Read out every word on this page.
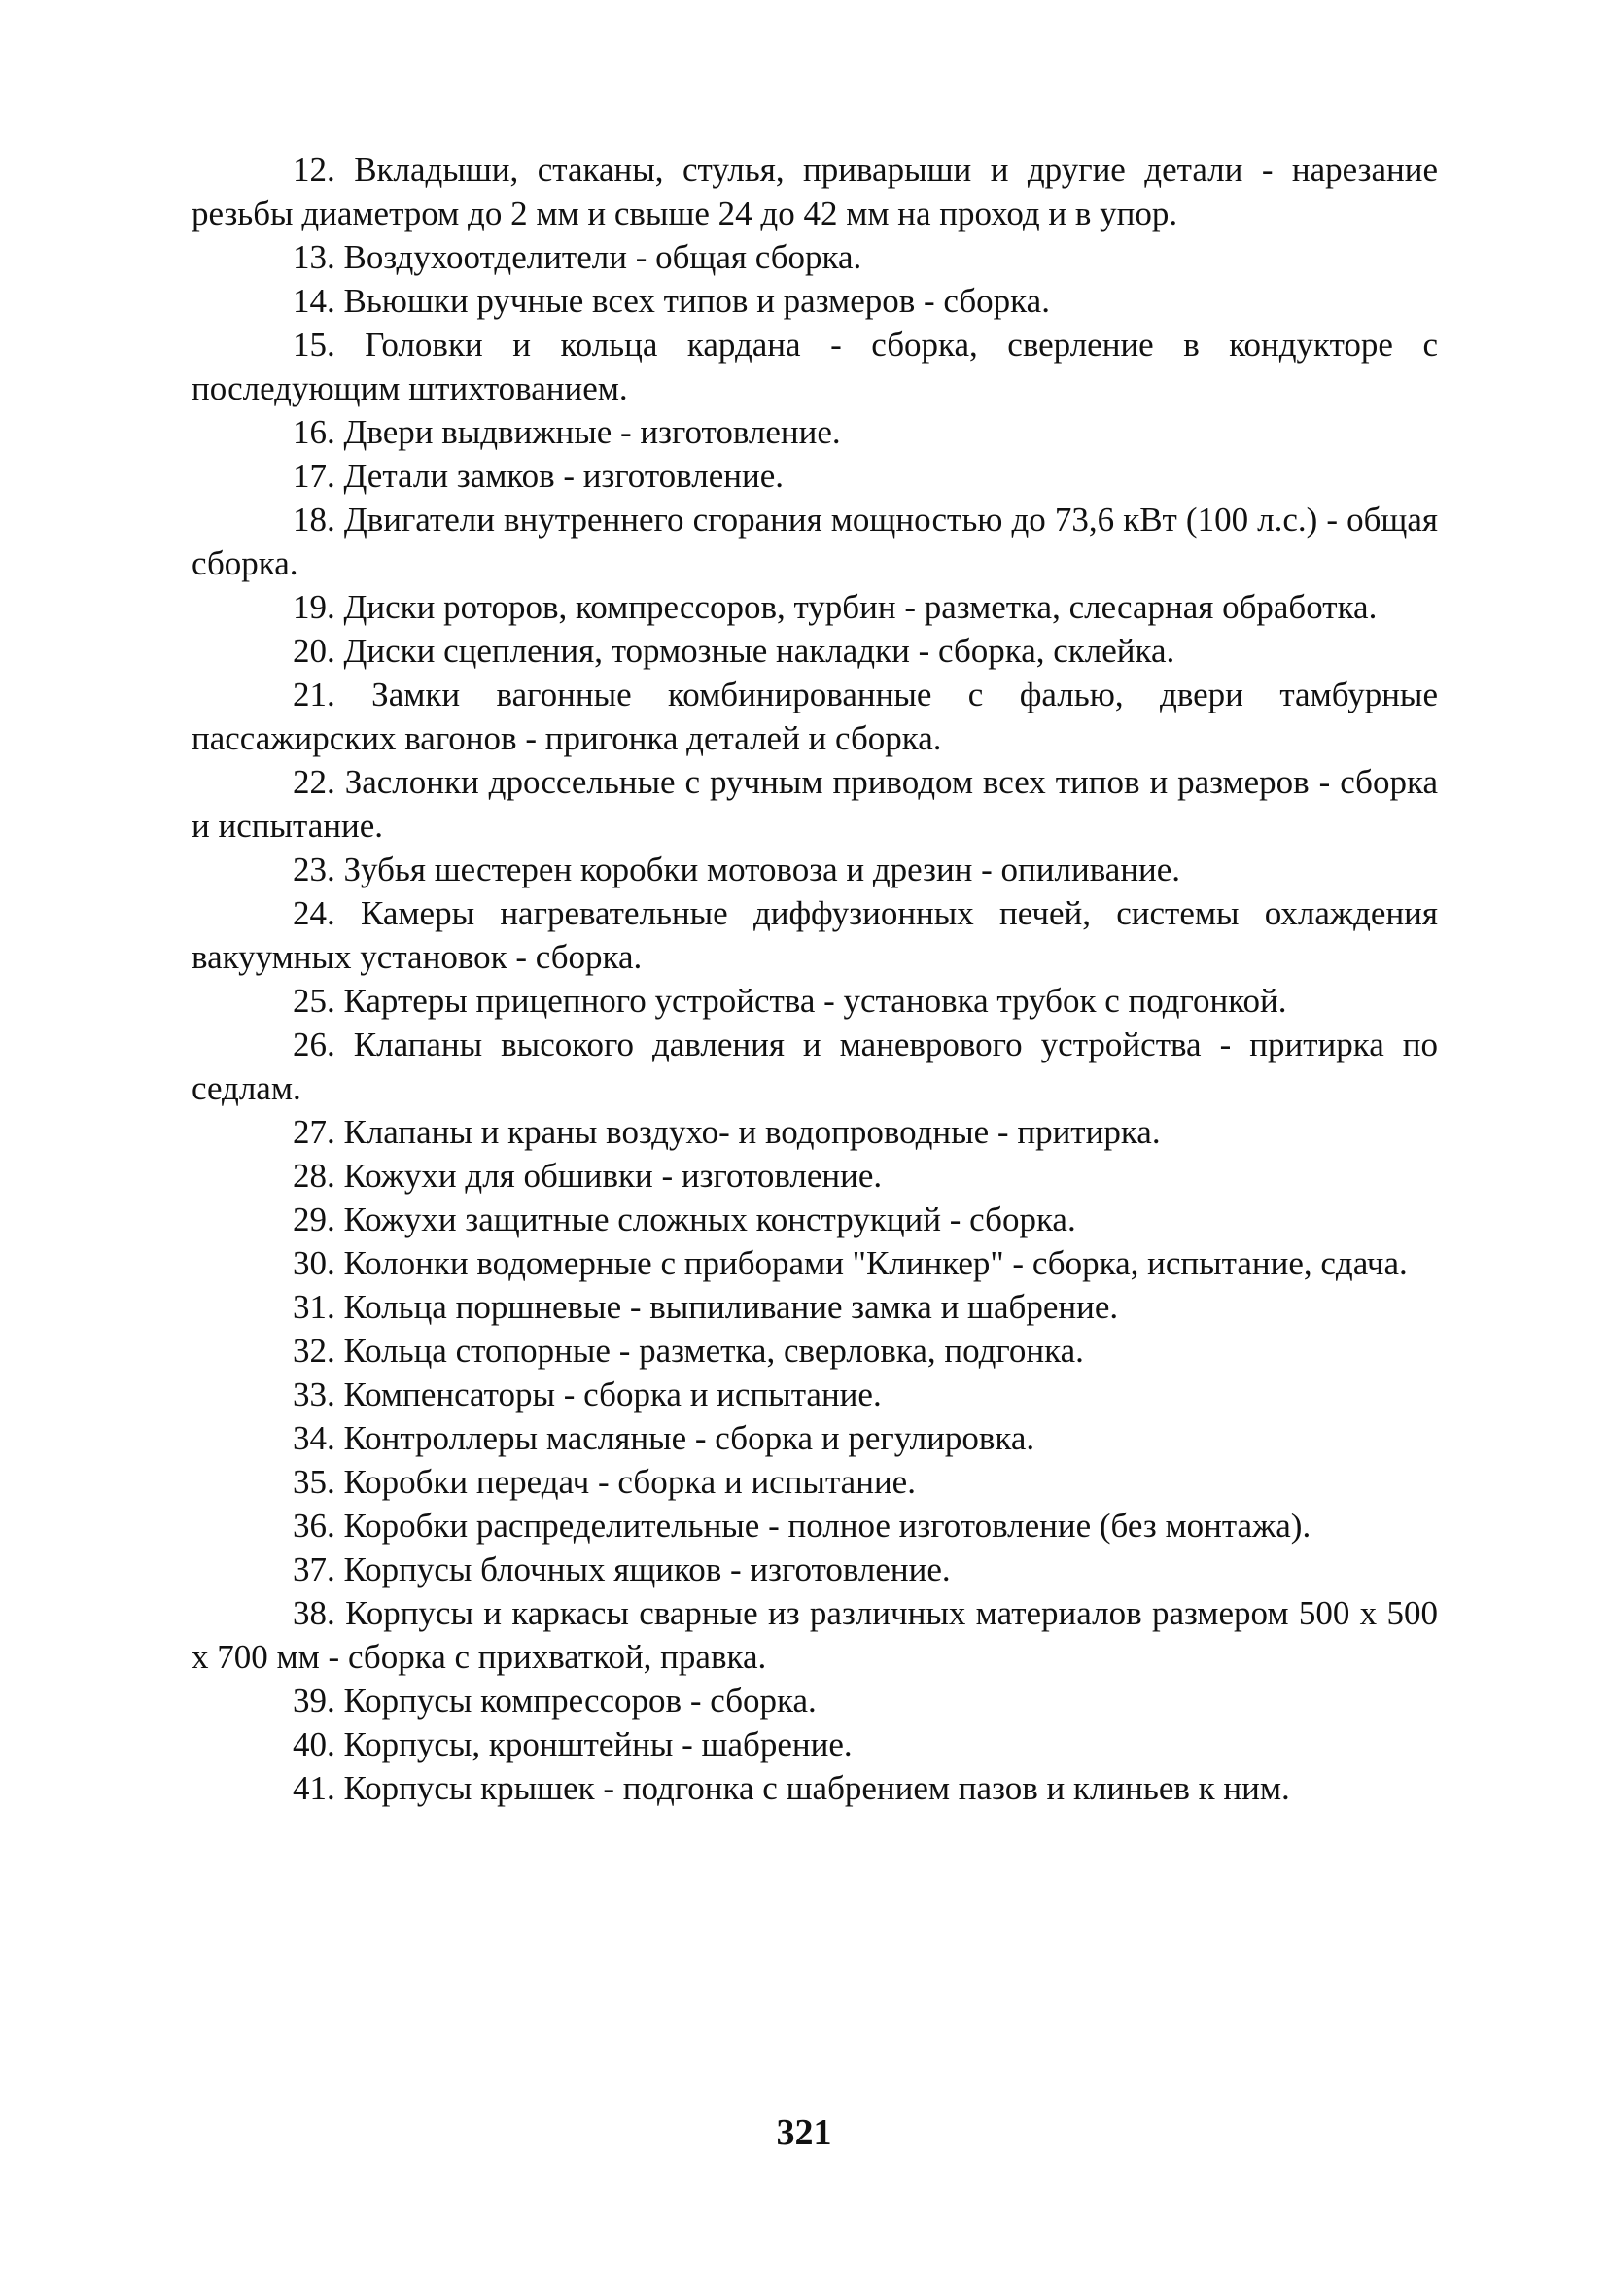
12. Вкладыши, стаканы, стулья, приварыши и другие детали - нарезание резьбы диаметром до 2 мм и свыше 24 до 42 мм на проход и в упор.

13. Воздухоотделители - общая сборка.

14. Вьюшки ручные всех типов и размеров - сборка.

15. Головки и кольца кардана - сборка, сверление в кондукторе с последующим штихтованием.

16. Двери выдвижные - изготовление.

17. Детали замков - изготовление.

18. Двигатели внутреннего сгорания мощностью до 73,6 кВт (100 л.с.) - общая сборка.

19. Диски роторов, компрессоров, турбин - разметка, слесарная обработка.

20. Диски сцепления, тормозные накладки - сборка, склейка.

21. Замки вагонные комбинированные с фалью, двери тамбурные пассажирских вагонов - пригонка деталей и сборка.

22. Заслонки дроссельные с ручным приводом всех типов и размеров - сборка и испытание.

23. Зубья шестерен коробки мотовоза и дрезин - опиливание.

24. Камеры нагревательные диффузионных печей, системы охлаждения вакуумных установок - сборка.

25. Картеры прицепного устройства - установка трубок с подгонкой.

26. Клапаны высокого давления и маневрового устройства - притирка по седлам.

27. Клапаны и краны воздухо- и водопроводные - притирка.

28. Кожухи для обшивки - изготовление.

29. Кожухи защитные сложных конструкций - сборка.

30. Колонки водомерные с приборами "Клинкер" - сборка, испытание, сдача.

31. Кольца поршневые - выпиливание замка и шабрение.

32. Кольца стопорные - разметка, сверловка, подгонка.

33. Компенсаторы - сборка и испытание.

34. Контроллеры масляные - сборка и регулировка.

35. Коробки передач - сборка и испытание.

36. Коробки распределительные - полное изготовление (без монтажа).

37. Корпусы блочных ящиков - изготовление.

38. Корпусы и каркасы сварные из различных материалов размером 500 x 500 x 700 мм - сборка с прихваткой, правка.

39. Корпусы компрессоров - сборка.

40. Корпусы, кронштейны - шабрение.

41. Корпусы крышек - подгонка с шабрением пазов и клиньев к ним.

321
